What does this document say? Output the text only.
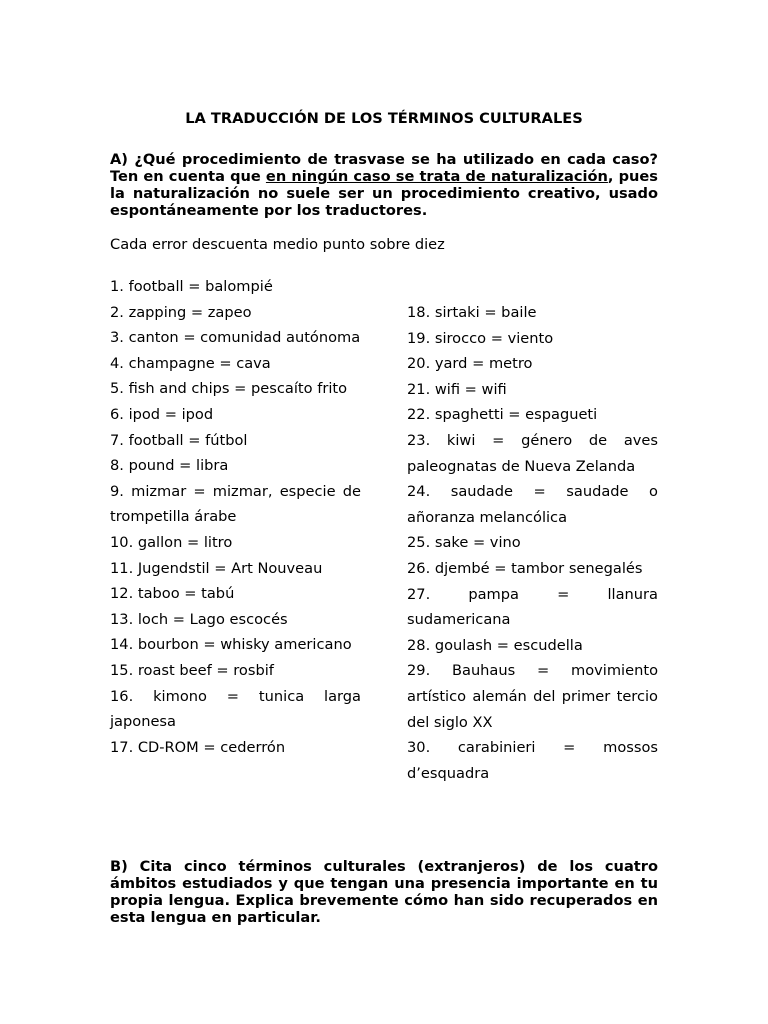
LA TRADUCCIÓN DE LOS TÉRMINOS CULTURALES
A) ¿Qué procedimiento de trasvase se ha utilizado en cada caso? Ten en cuenta que en ningún caso se trata de naturalización, pues la naturalización no suele ser un procedimiento creativo, usado espontáneamente por los traductores.
Cada error descuenta medio punto sobre diez
1. football = balompié
2. zapping = zapeo
3. canton = comunidad autónoma
4. champagne = cava
5. fish and chips = pescaíto frito
6. ipod = ipod
7. football = fútbol
8. pound = libra
9. mizmar = mizmar, especie de trompetilla árabe
10. gallon = litro
11. Jugendstil = Art Nouveau
12. taboo = tabú
13. loch = Lago escocés
14. bourbon = whisky americano
15. roast beef = rosbif
16. kimono = tunica larga japonesa
17. CD-ROM = cederrón
18. sirtaki = baile
19. sirocco = viento
20. yard = metro
21. wifi = wifi
22. spaghetti = espagueti
23. kiwi = género de aves paleognatas de Nueva Zelanda
24. saudade = saudade o añoranza melancólica
25. sake = vino
26. djembé = tambor senegalés
27. pampa = llanura sudamericana
28. goulash = escudella
29. Bauhaus = movimiento artístico alemán del primer tercio del siglo XX
30. carabinieri = mossos d’esquadra
B) Cita cinco términos culturales (extranjeros) de los cuatro ámbitos estudiados y que tengan una presencia importante en tu propia lengua. Explica brevemente cómo han sido recuperados en esta lengua en particular.
